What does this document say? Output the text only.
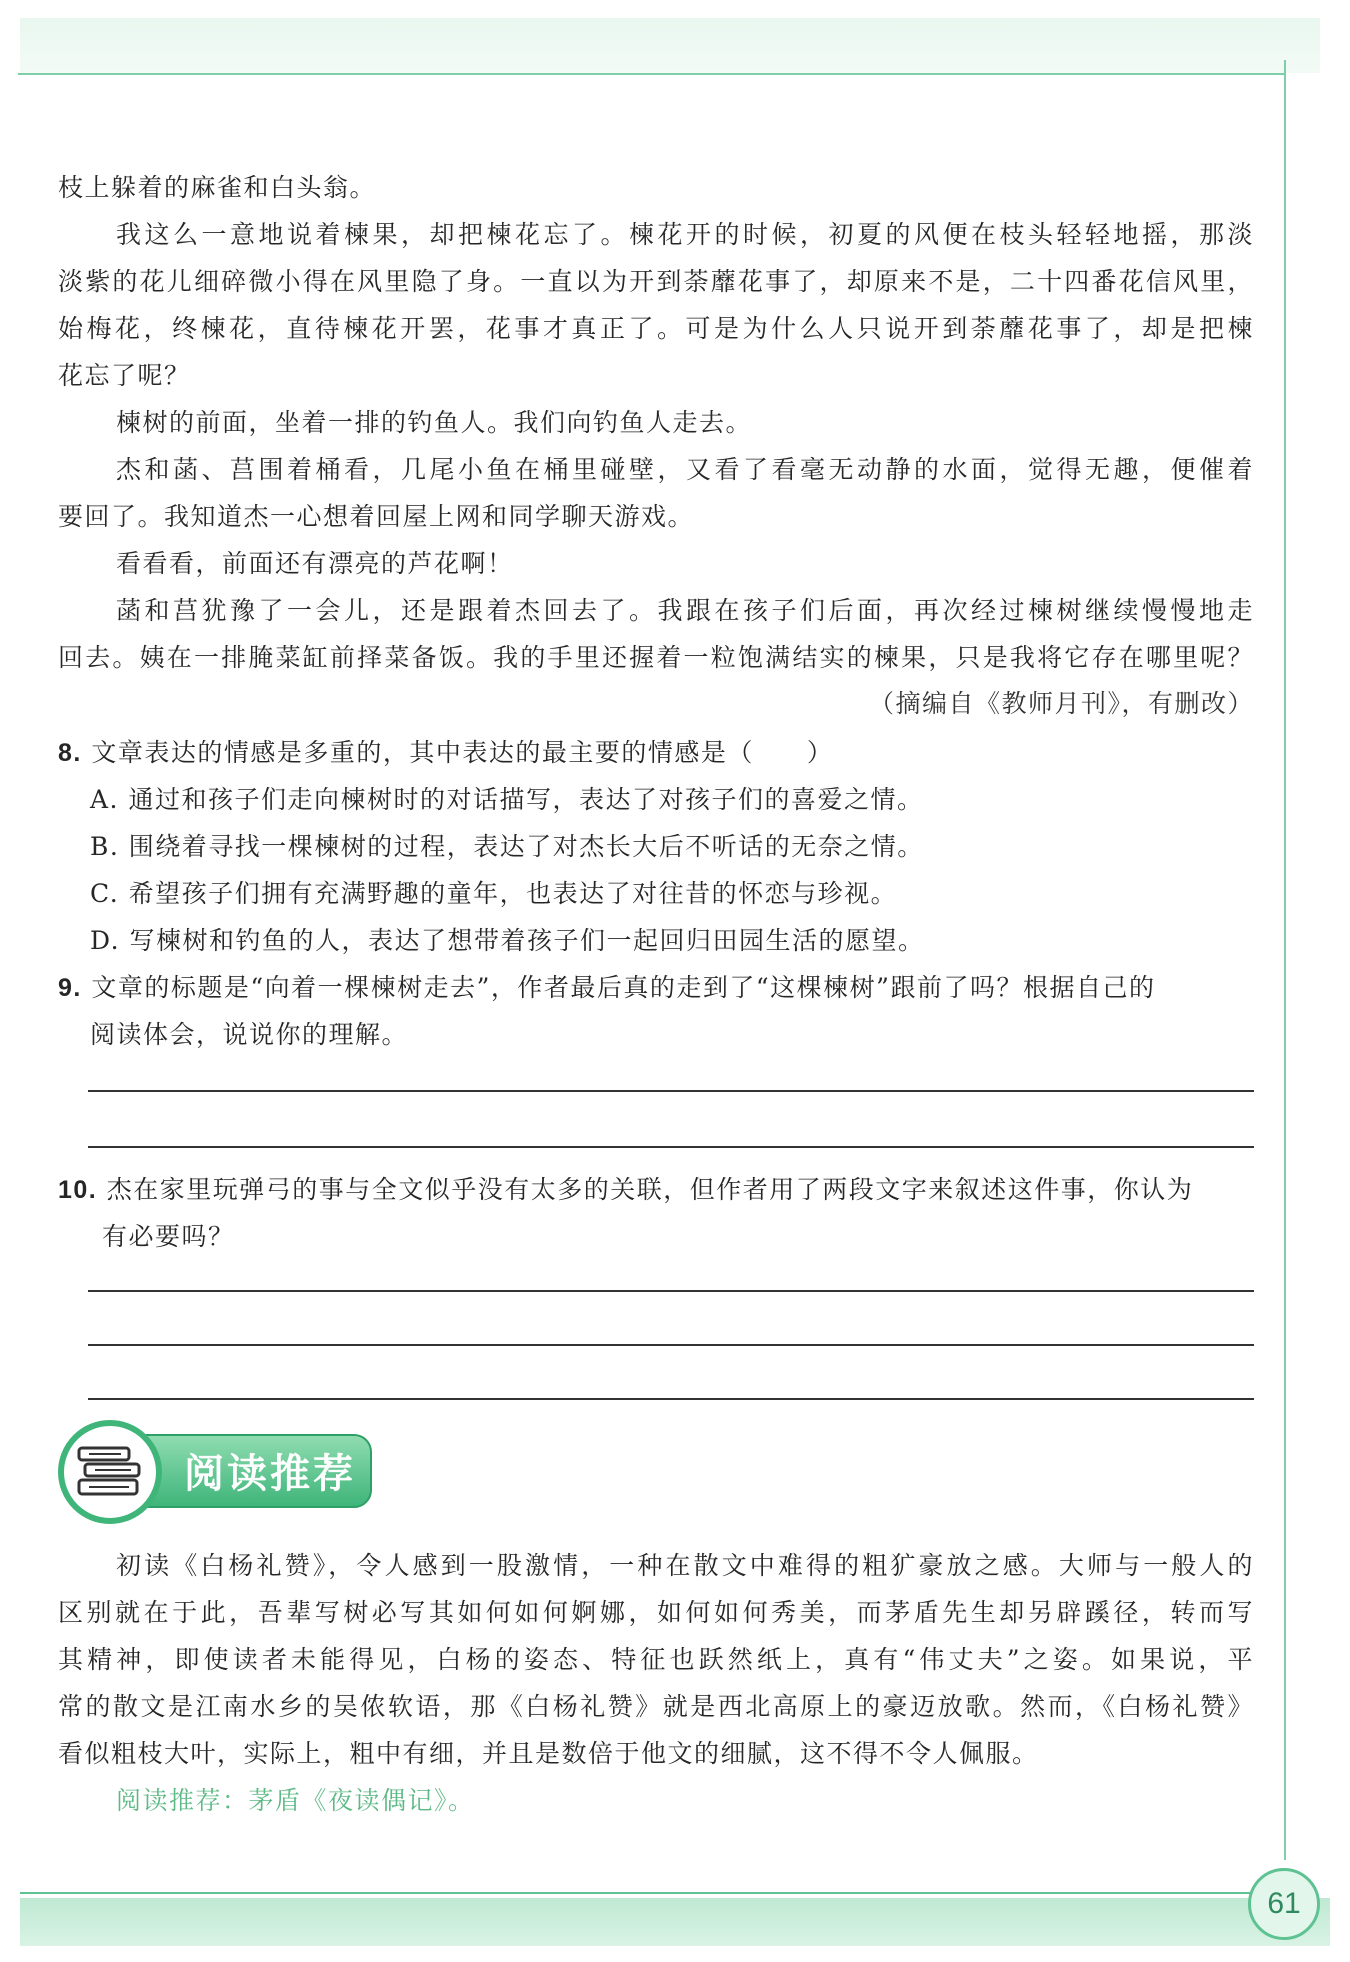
枝上躲着的麻雀和白头翁。
我这么一意地说着楝果，却把楝花忘了。楝花开的时候，初夏的风便在枝头轻轻地摇，那淡
淡紫的花儿细碎微小得在风里隐了身。一直以为开到荼蘼花事了，却原来不是，二十四番花信风里，
始梅花，终楝花，直待楝花开罢，花事才真正了。可是为什么人只说开到荼蘼花事了，却是把楝
花忘了呢？
楝树的前面，坐着一排的钓鱼人。我们向钓鱼人走去。
杰和菡、莒围着桶看，几尾小鱼在桶里碰壁，又看了看毫无动静的水面，觉得无趣，便催着
要回了。我知道杰一心想着回屋上网和同学聊天游戏。
看看看，前面还有漂亮的芦花啊！
菡和莒犹豫了一会儿，还是跟着杰回去了。我跟在孩子们后面，再次经过楝树继续慢慢地走
回去。姨在一排腌菜缸前择菜备饭。我的手里还握着一粒饱满结实的楝果，只是我将它存在哪里呢？
（摘编自《教师月刊》，有删改）
8. 文章表达的情感是多重的，其中表达的最主要的情感是（　　）
A. 通过和孩子们走向楝树时的对话描写，表达了对孩子们的喜爱之情。
B. 围绕着寻找一棵楝树的过程，表达了对杰长大后不听话的无奈之情。
C. 希望孩子们拥有充满野趣的童年，也表达了对往昔的怀恋与珍视。
D. 写楝树和钓鱼的人，表达了想带着孩子们一起回归田园生活的愿望。
9. 文章的标题是“向着一棵楝树走去”，作者最后真的走到了“这棵楝树”跟前了吗？根据自己的
阅读体会，说说你的理解。
10. 杰在家里玩弹弓的事与全文似乎没有太多的关联，但作者用了两段文字来叙述这件事，你认为
有必要吗？
阅读推荐
初读《白杨礼赞》，令人感到一股激情，一种在散文中难得的粗犷豪放之感。大师与一般人的
区别就在于此，吾辈写树必写其如何如何婀娜，如何如何秀美，而茅盾先生却另辟蹊径，转而写
其精神，即使读者未能得见，白杨的姿态、特征也跃然纸上，真有“伟丈夫”之姿。如果说，平
常的散文是江南水乡的吴侬软语，那《白杨礼赞》就是西北高原上的豪迈放歌。然而，《白杨礼赞》
看似粗枝大叶，实际上，粗中有细，并且是数倍于他文的细腻，这不得不令人佩服。
阅读推荐：茅盾《夜读偶记》。
61
